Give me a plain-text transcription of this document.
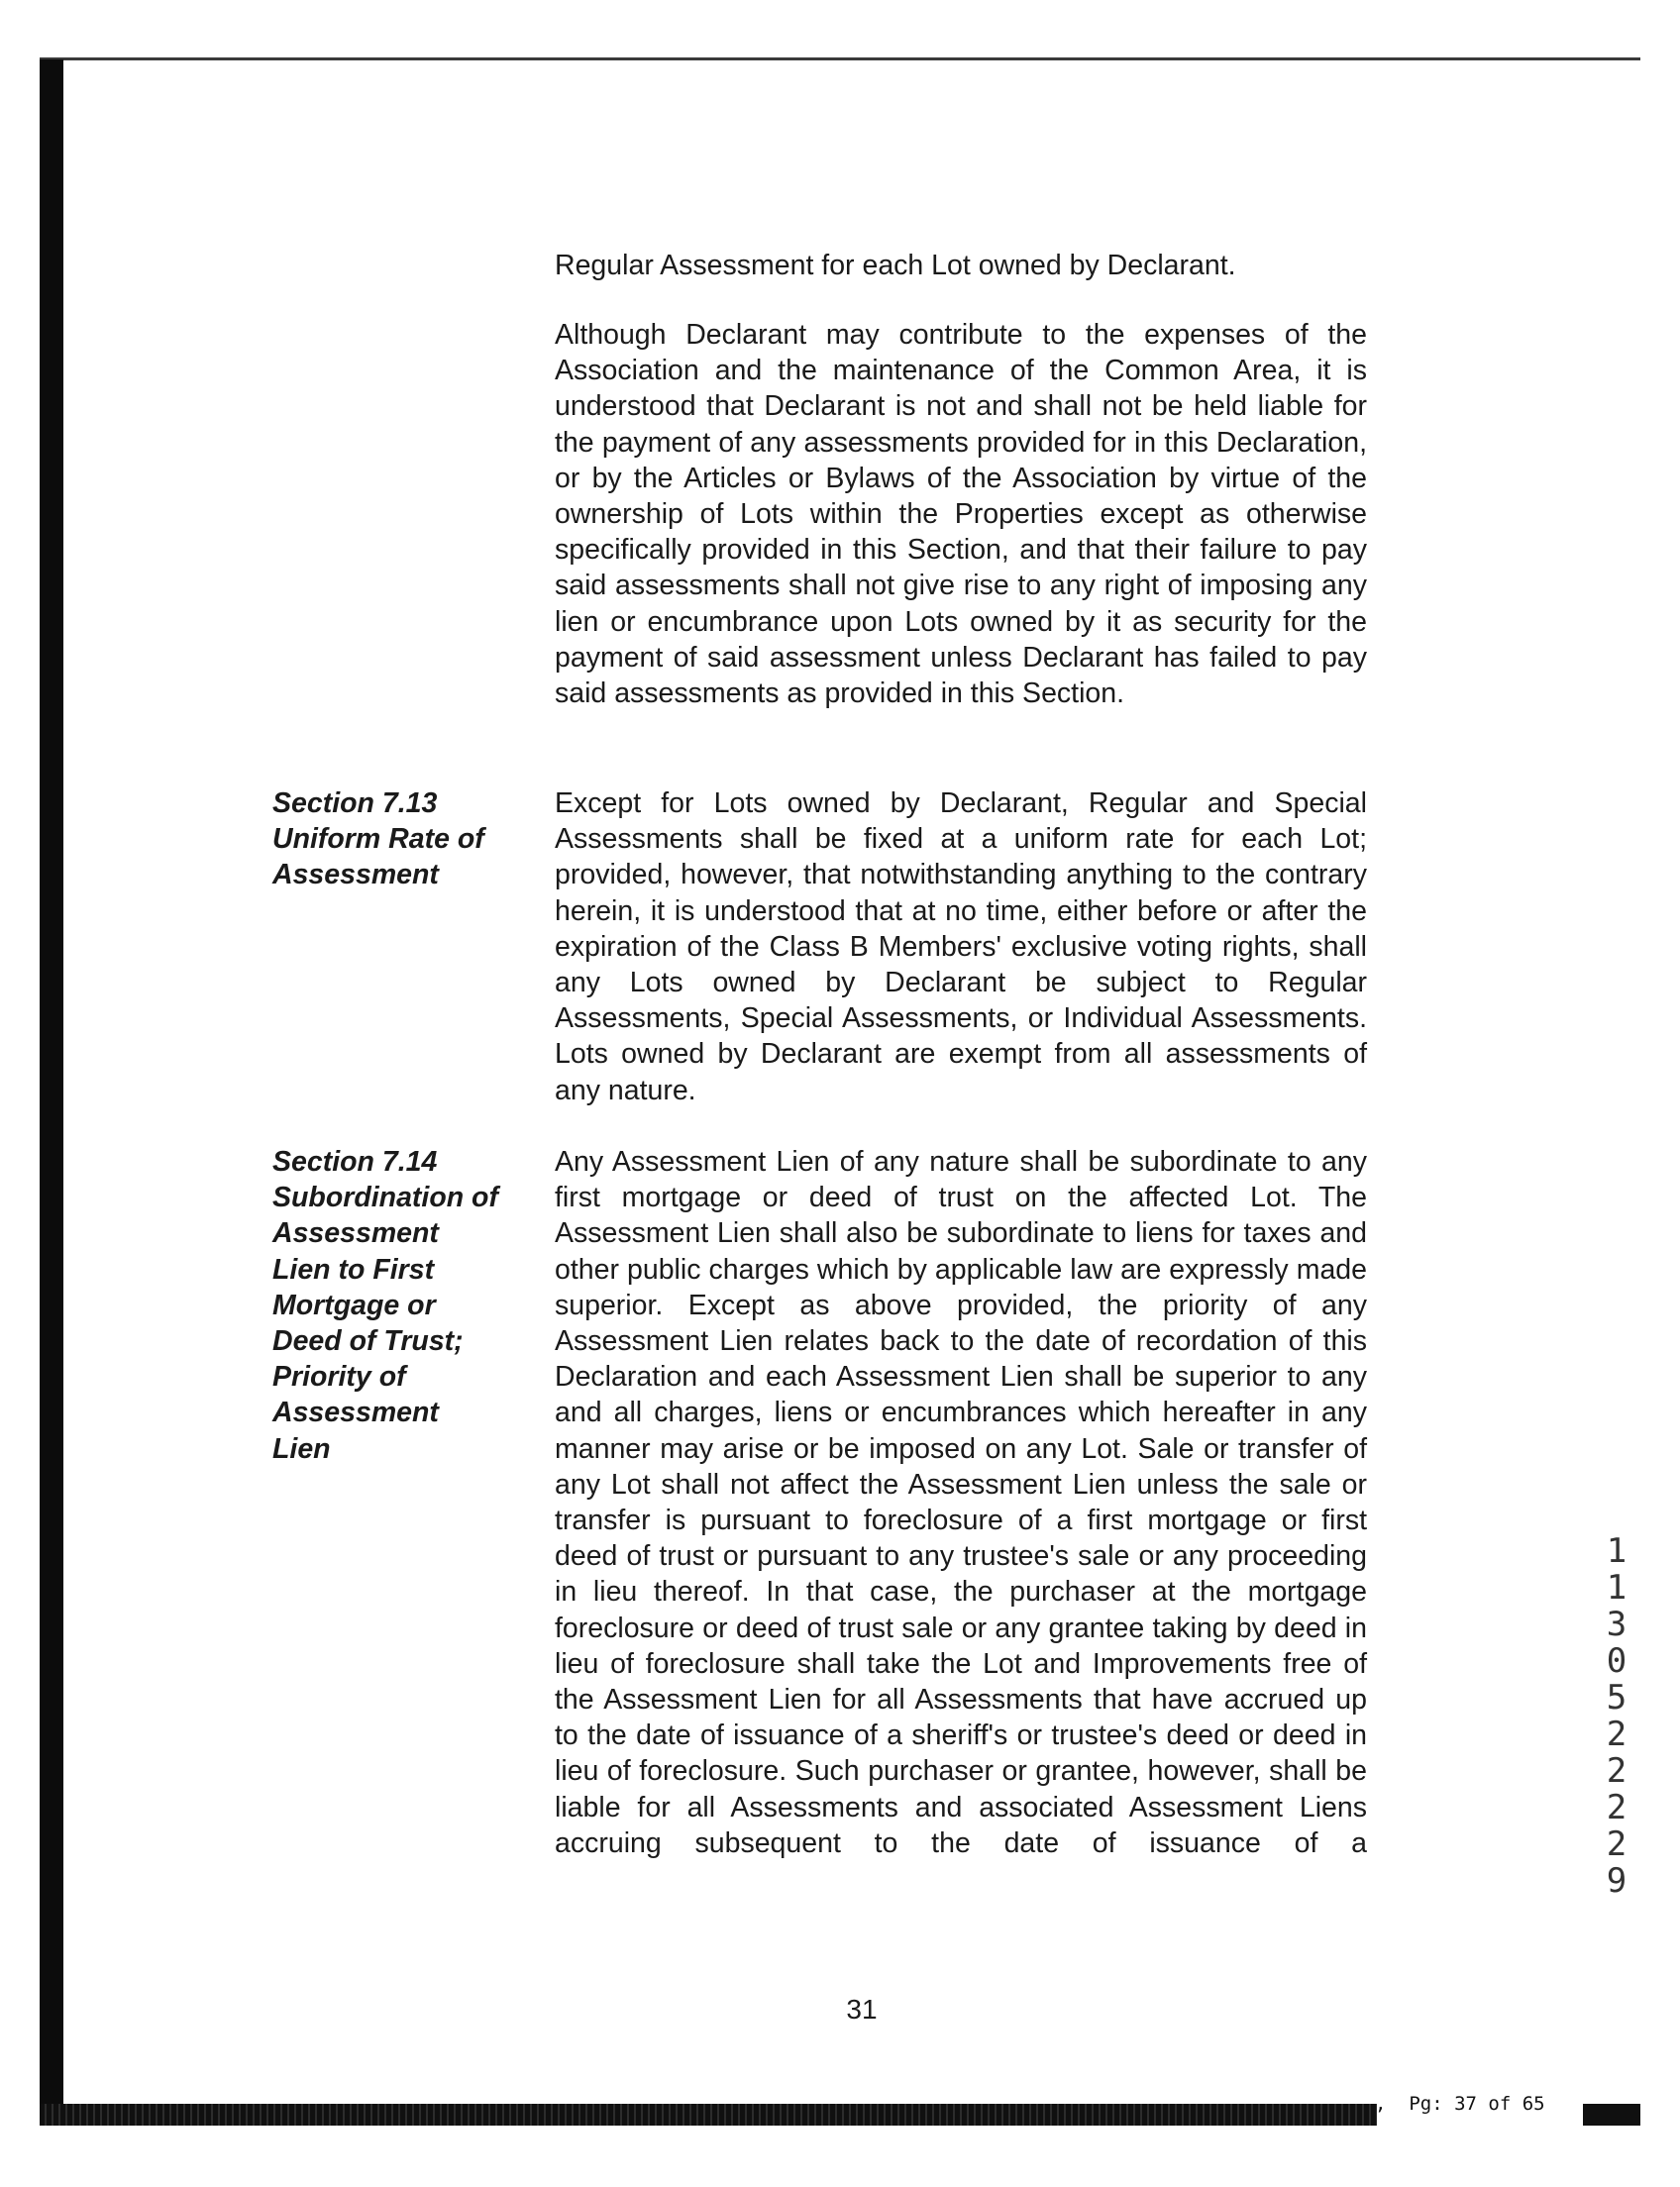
Regular Assessment for each Lot owned by Declarant.
Although Declarant may contribute to the expenses of the Association and the maintenance of the Common Area, it is understood that Declarant is not and shall not be held liable for the payment of any assessments provided for in this Declaration, or by the Articles or Bylaws of the Association by virtue of the ownership of Lots within the Properties except as otherwise specifically provided in this Section, and that their failure to pay said assessments shall not give rise to any right of imposing any lien or encumbrance upon Lots owned by it as security for the payment of said assessment unless Declarant has failed to pay said assessments as provided in this Section.
Section 7.13
Uniform Rate of
Assessment
Except for Lots owned by Declarant, Regular and Special Assessments shall be fixed at a uniform rate for each Lot; provided, however, that notwithstanding anything to the contrary herein, it is understood that at no time, either before or after the expiration of the Class B Members' exclusive voting rights, shall any Lots owned by Declarant be subject to Regular Assessments, Special Assessments, or Individual Assessments. Lots owned by Declarant are exempt from all assessments of any nature.
Section 7.14
Subordination of
Assessment
Lien to First
Mortgage or
Deed of Trust;
Priority of
Assessment
Lien
Any Assessment Lien of any nature shall be subordinate to any first mortgage or deed of trust on the affected Lot. The Assessment Lien shall also be subordinate to liens for taxes and other public charges which by applicable law are expressly made superior. Except as above provided, the priority of any Assessment Lien relates back to the date of recordation of this Declaration and each Assessment Lien shall be superior to any and all charges, liens or encumbrances which hereafter in any manner may arise or be imposed on any Lot. Sale or transfer of any Lot shall not affect the Assessment Lien unless the sale or transfer is pursuant to foreclosure of a first mortgage or first deed of trust or pursuant to any trustee's sale or any proceeding in lieu thereof. In that case, the purchaser at the mortgage foreclosure or deed of trust sale or any grantee taking by deed in lieu of foreclosure shall take the Lot and Improvements free of the Assessment Lien for all Assessments that have accrued up to the date of issuance of a sheriff's or trustee's deed or deed in lieu of foreclosure. Such purchaser or grantee, however, shall be liable for all Assessments and associated Assessment Liens accruing subsequent to the date of issuance of a
31
1130522229
,  Pg: 37 of 65
